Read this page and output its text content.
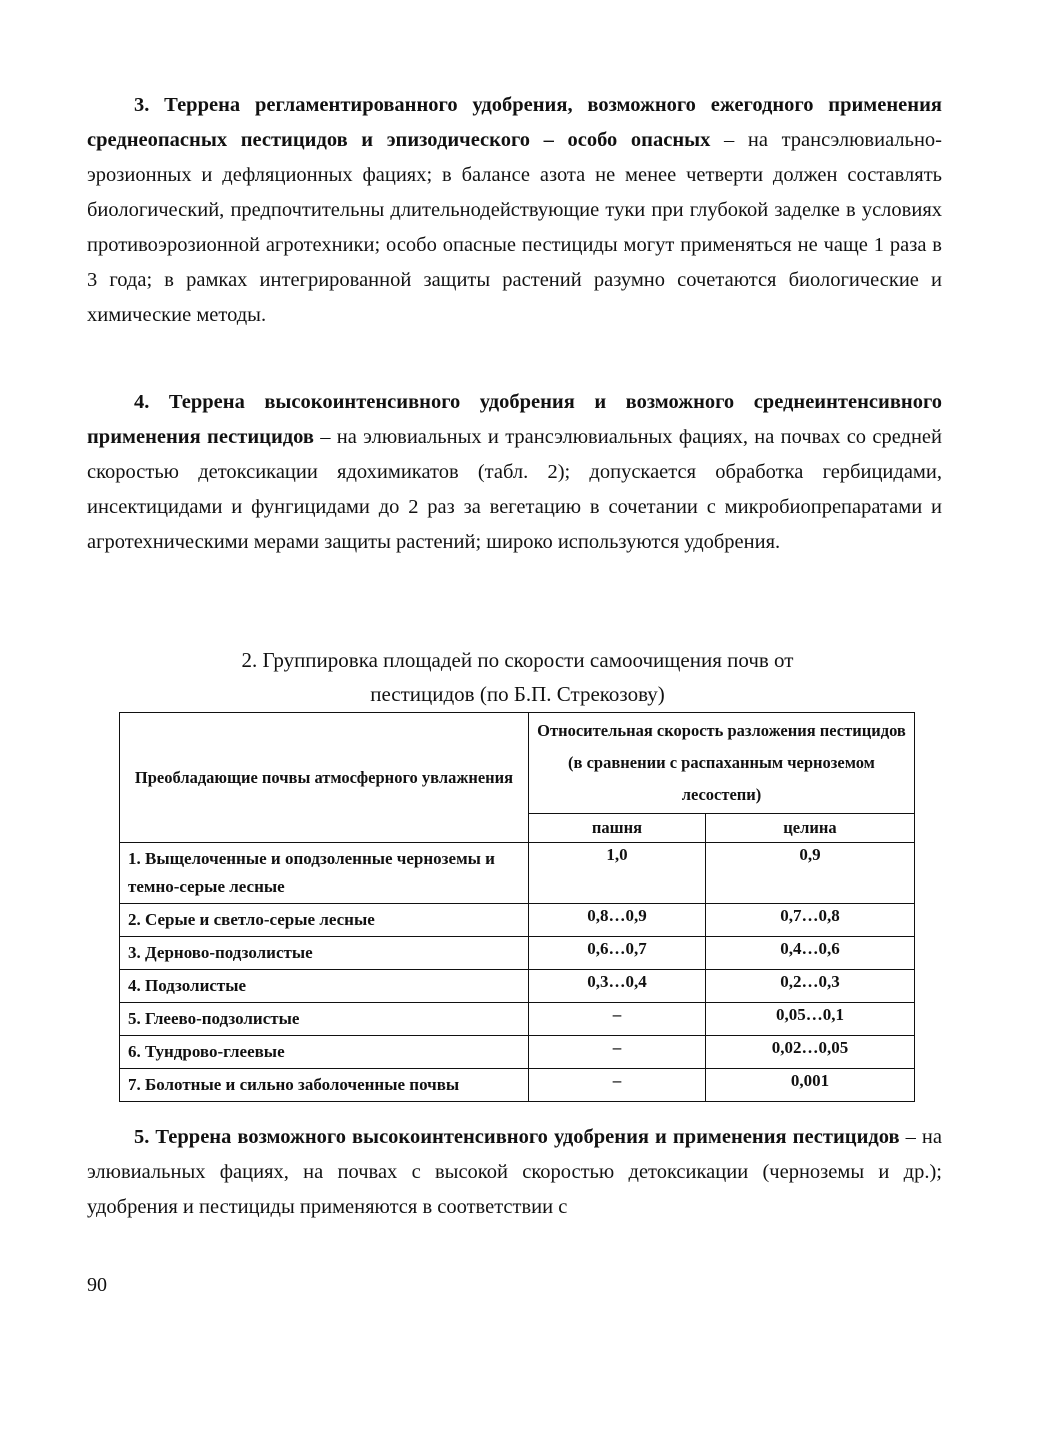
3. Террена регламентированного удобрения, возможного ежегодного применения среднеопасных пестицидов и эпизодического – особо опасных – на трансэлювиально-эрозионных и дефляционных фациях; в балансе азота не менее четверти должен составлять биологический, предпочтительны длительнодействующие туки при глубокой заделке в условиях противоэрозионной агротехники; особо опасные пестициды могут применяться не чаще 1 раза в 3 года; в рамках интегрированной защиты растений разумно сочетаются биологические и химические методы.

4. Террена высокоинтенсивного удобрения и возможного среднеинтенсивного применения пестицидов – на элювиальных и трансэлювиальных фациях, на почвах со средней скоростью детоксикации ядохимикатов (табл. 2); допускается обработка гербицидами, инсектицидами и фунгицидами до 2 раз за вегетацию в сочетании с микробиопрепаратами и агротехническими мерами защиты растений; широко используются удобрения.

2. Группировка площадей по скорости самоочищения почв от
пестицидов (по Б.П. Стрекозову)
Преобладающие почвы атмосферного увлажнения	Относительная скорость разложения пестицидов (в сравнении с распаханным черноземом лесостепи)	
	пашня	целина
1. Выщелоченные и оподзоленные черноземы и темно-серые лесные	1,0	0,9
2. Серые и светло-серые лесные	0,8…0,9	0,7…0,8
3. Дерново-подзолистые	0,6…0,7	0,4…0,6
4. Подзолистые	0,3…0,4	0,2…0,3
5. Глеево-подзолистые	–	0,05…0,1
6. Тундрово-глеевые	–	0,02…0,05
7. Болотные и сильно заболоченные почвы	–	0,001

5. Террена возможного высокоинтенсивного удобрения и применения пестицидов – на элювиальных фациях, на почвах с высокой скоростью детоксикации (черноземы и др.); удобрения и пестициды применяются в соответствии с

90
